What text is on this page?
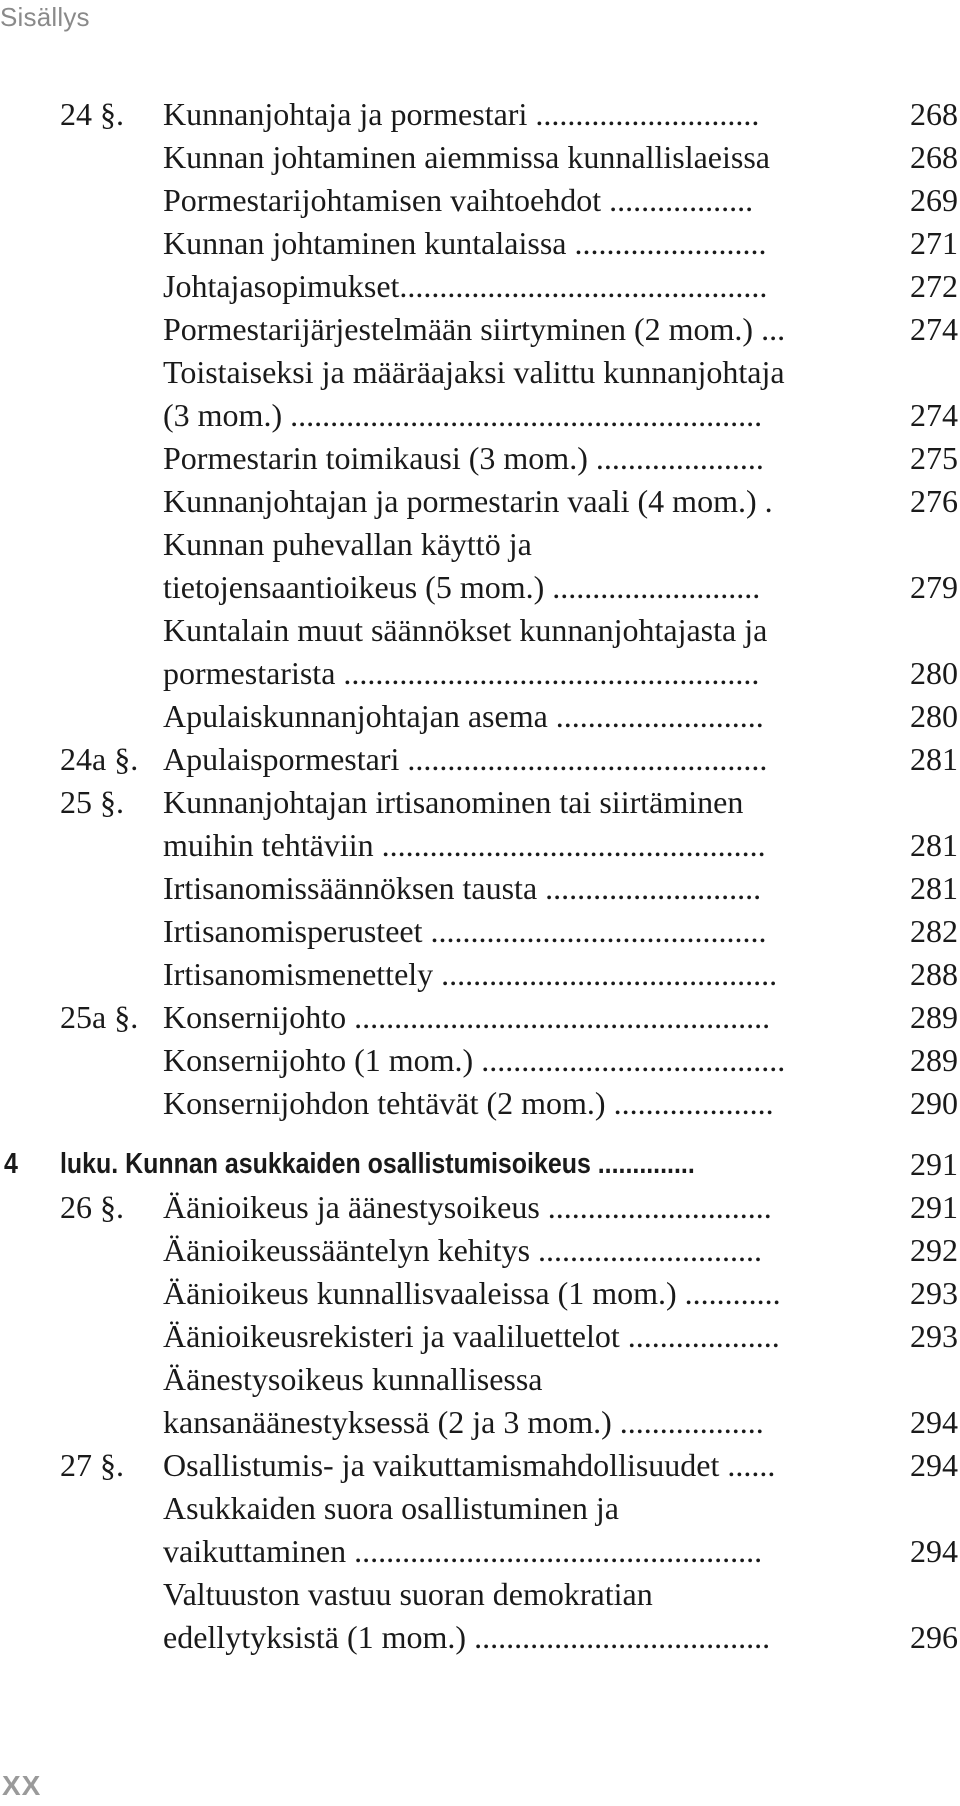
Sisällys
24 §. Kunnanjohtaja ja pormestari ............................	268
Kunnan johtaminen aiemmissa kunnallislaeissa	268
Pormestarijohtamisen vaihtoehdot ..................	269
Kunnan johtaminen kuntalaissa ........................	271
Johtajasopimukset..............................................	272
Pormestarijärjestelmään siirtyminen (2 mom.) ...	274
Toistaiseksi ja määräajaksi valittu kunnanjohtaja
(3 mom.) ...........................................................	274
Pormestarin toimikausi (3 mom.) .....................	275
Kunnanjohtajan ja pormestarin vaali (4 mom.) .	276
Kunnan puhevallan käyttö ja
tietojensaantioikeus (5 mom.) ..........................	279
Kuntalain muut säännökset kunnanjohtajasta ja
pormestarista ....................................................	280
Apulaiskunnanjohtajan asema ..........................	280
24a §. Apulaispormestari .............................................	281
25 §. Kunnanjohtajan irtisanominen tai siirtäminen
muihin tehtäviin ................................................	281
Irtisanomissäännöksen tausta ...........................	281
Irtisanomisperusteet ..........................................	282
Irtisanomismenettely ..........................................	288
25a §. Konsernijohto ....................................................	289
Konsernijohto (1 mom.) ......................................	289
Konsernijohdon tehtävät (2 mom.) ....................	290
4 luku. Kunnan asukkaiden osallistumisoikeus ..............	291
26 §. Äänioikeus ja äänestysoikeus ............................	291
Äänioikeussääntelyn kehitys ............................	292
Äänioikeus kunnallisvaaleissa (1 mom.) ............	293
Äänioikeusrekisteri ja vaaliluettelot ...................	293
Äänestysoikeus kunnallisessa
kansanäänestyksessä (2 ja 3 mom.) ..................	294
27 §. Osallistumis- ja vaikuttamismahdollisuudet ......	294
Asukkaiden suora osallistuminen ja
vaikuttaminen ...................................................	294
Valtuuston vastuu suoran demokratian
edellytyksistä (1 mom.) .....................................	296
XX
